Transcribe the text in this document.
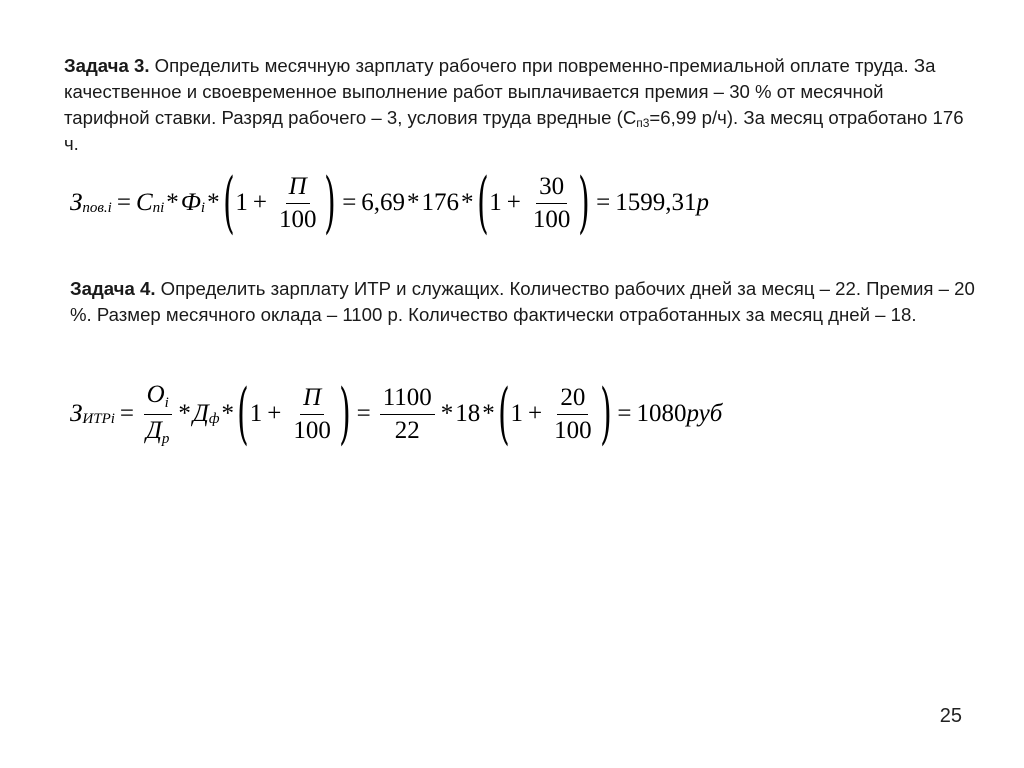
Задача 3. Определить месячную зарплату рабочего при повременно-премиальной оплате труда. За качественное и своевременное выполнение работ выплачивается премия – 30 % от месячной тарифной ставки. Разряд рабочего – 3, условия труда вредные ($С_{п3}=6,99$ р/ч). За месяц отработано 176 ч.
З пов.i = С пi * Ф i * ( $1 + \frac{П}{100}$ ) = 6,69 * 176 * ( $1 + \frac{30}{100}$ ) = 1599,31 р
Задача 4. Определить зарплату ИТР и служащих. Количество рабочих дней за месяц – 22. Премия – 20 %. Размер месячного оклада – 1100 р. Количество фактически отработанных за месяц дней – 18.
З ИТРi = $\frac{О_i}{Д_р}$ * Д ф * ( $1 + \frac{П}{100}$ ) = $\frac{1100}{22} * 18$ * ( $1 + \frac{20}{100}$ ) = 1080 руб
25
